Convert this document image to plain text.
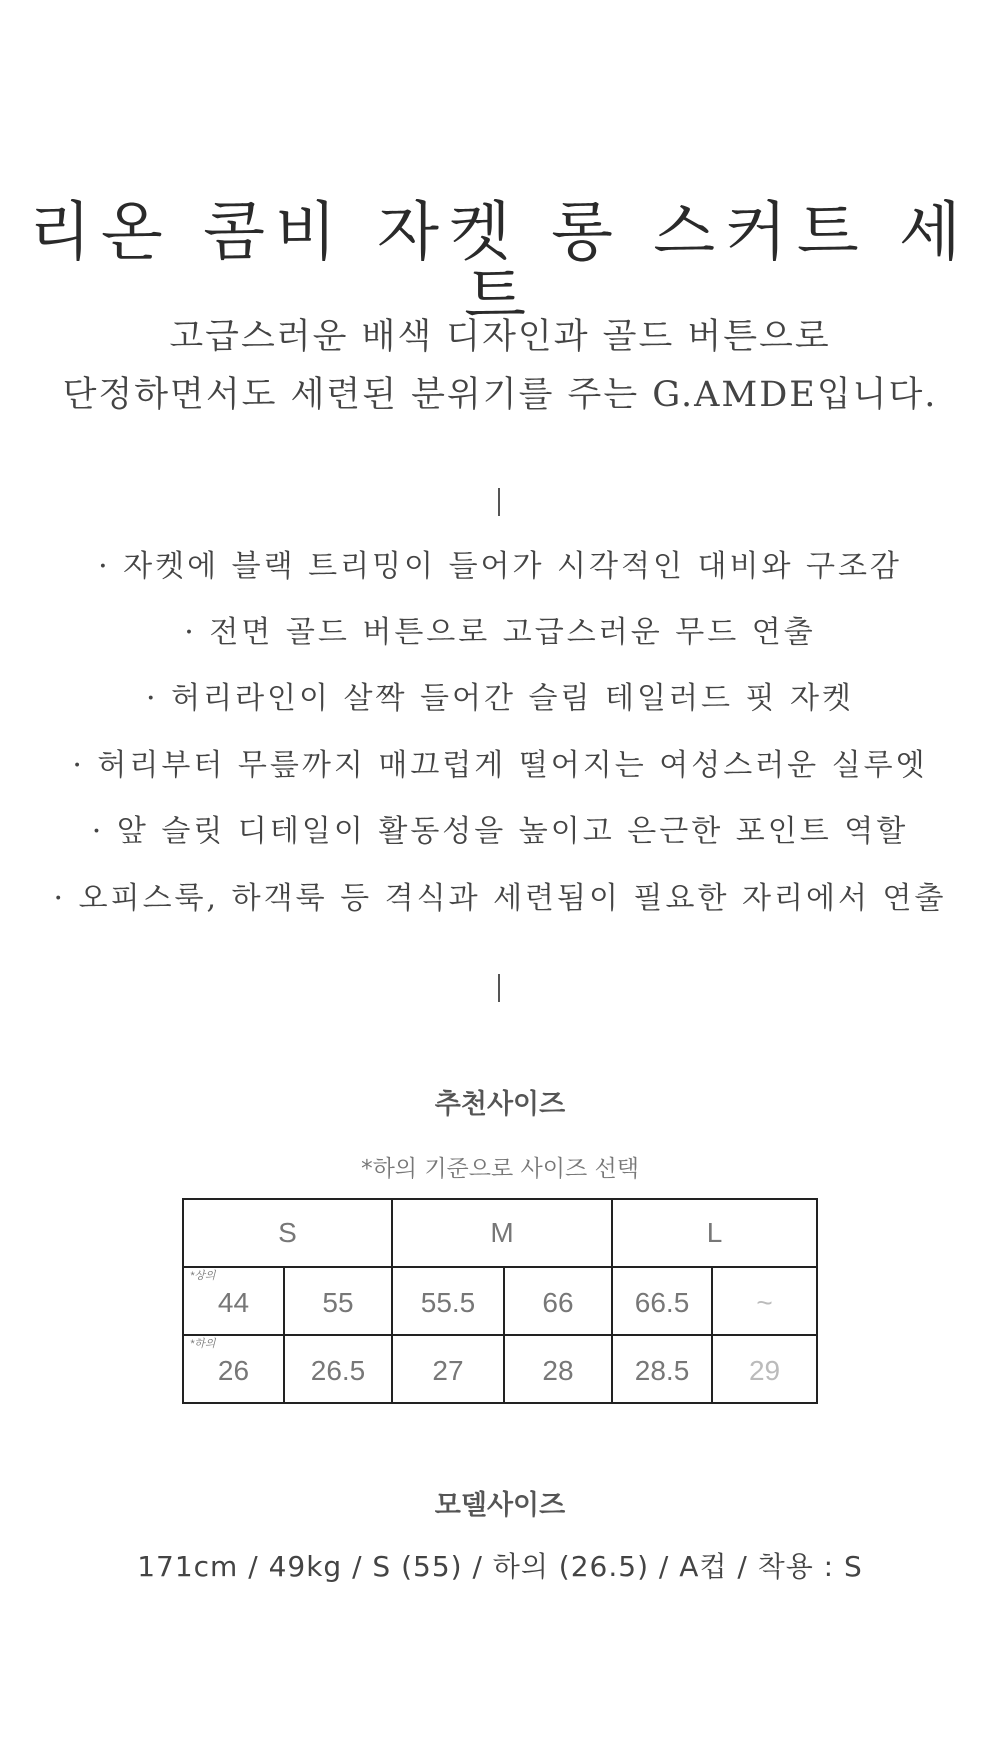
리온 콤비 자켓 롱 스커트 세트
고급스러운 배색 디자인과 골드 버튼으로
단정하면서도 세련된 분위기를 주는 G.AMDE입니다.
· 자켓에 블랙 트리밍이 들어가 시각적인 대비와 구조감
· 전면 골드 버튼으로 고급스러운 무드 연출
· 허리라인이 살짝 들어간 슬림 테일러드 핏 자켓
· 허리부터 무릎까지 매끄럽게 떨어지는 여성스러운 실루엣
· 앞 슬릿 디테일이 활동성을 높이고 은근한 포인트 역할
· 오피스룩, 하객룩 등 격식과 세련됨이 필요한 자리에서 연출
추천사이즈
*하의 기준으로 사이즈 선택
S		M		L	

*상의
44	55	55.5	66	66.5	~

*하의
26	26.5	27	28	28.5	29
모델사이즈
171cm / 49kg / S (55) / 하의 (26.5) / A컵 / 착용 : S
